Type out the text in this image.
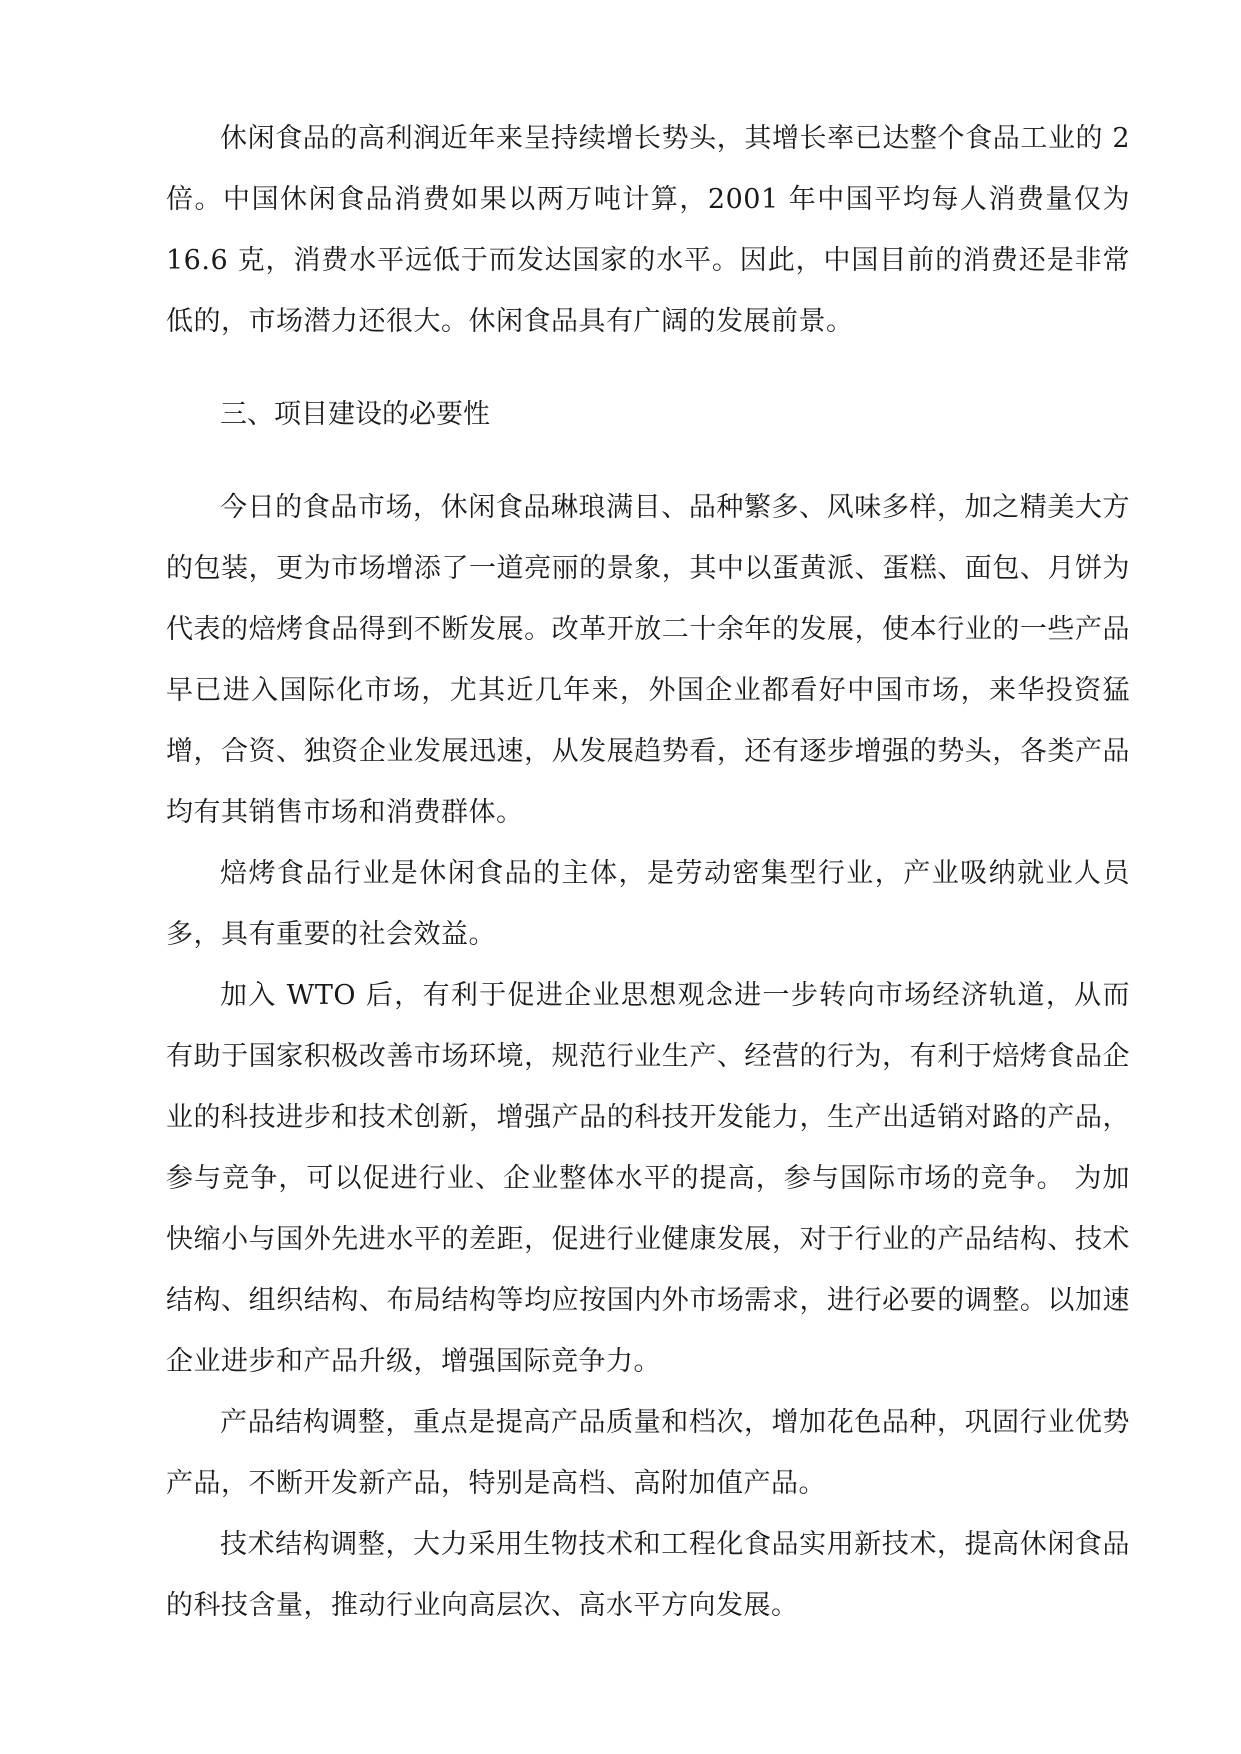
休闲食品的高利润近年来呈持续增长势头，其增长率已达整个食品工业的 2 倍。中国休闲食品消费如果以两万吨计算，2001 年中国平均每人消费量仅为 16.6 克，消费水平远低于而发达国家的水平。因此，中国目前的消费还是非常低的，市场潜力还很大。休闲食品具有广阔的发展前景。

三、项目建设的必要性

今日的食品市场，休闲食品琳琅满目、品种繁多、风味多样，加之精美大方的包装，更为市场增添了一道亮丽的景象，其中以蛋黄派、蛋糕、面包、月饼为代表的焙烤食品得到不断发展。改革开放二十余年的发展，使本行业的一些产品早已进入国际化市场，尤其近几年来，外国企业都看好中国市场，来华投资猛增，合资、独资企业发展迅速，从发展趋势看，还有逐步增强的势头，各类产品均有其销售市场和消费群体。

焙烤食品行业是休闲食品的主体，是劳动密集型行业，产业吸纳就业人员多，具有重要的社会效益。

加入 WTO 后，有利于促进企业思想观念进一步转向市场经济轨道，从而有助于国家积极改善市场环境，规范行业生产、经营的行为，有利于焙烤食品企业的科技进步和技术创新，增强产品的科技开发能力，生产出适销对路的产品，参与竞争，可以促进行业、企业整体水平的提高，参与国际市场的竞争。 为加快缩小与国外先进水平的差距，促进行业健康发展，对于行业的产品结构、技术结构、组织结构、布局结构等均应按国内外市场需求，进行必要的调整。以加速企业进步和产品升级，增强国际竞争力。

产品结构调整，重点是提高产品质量和档次，增加花色品种，巩固行业优势产品，不断开发新产品，特别是高档、高附加值产品。

技术结构调整，大力采用生物技术和工程化食品实用新技术，提高休闲食品的科技含量，推动行业向高层次、高水平方向发展。
